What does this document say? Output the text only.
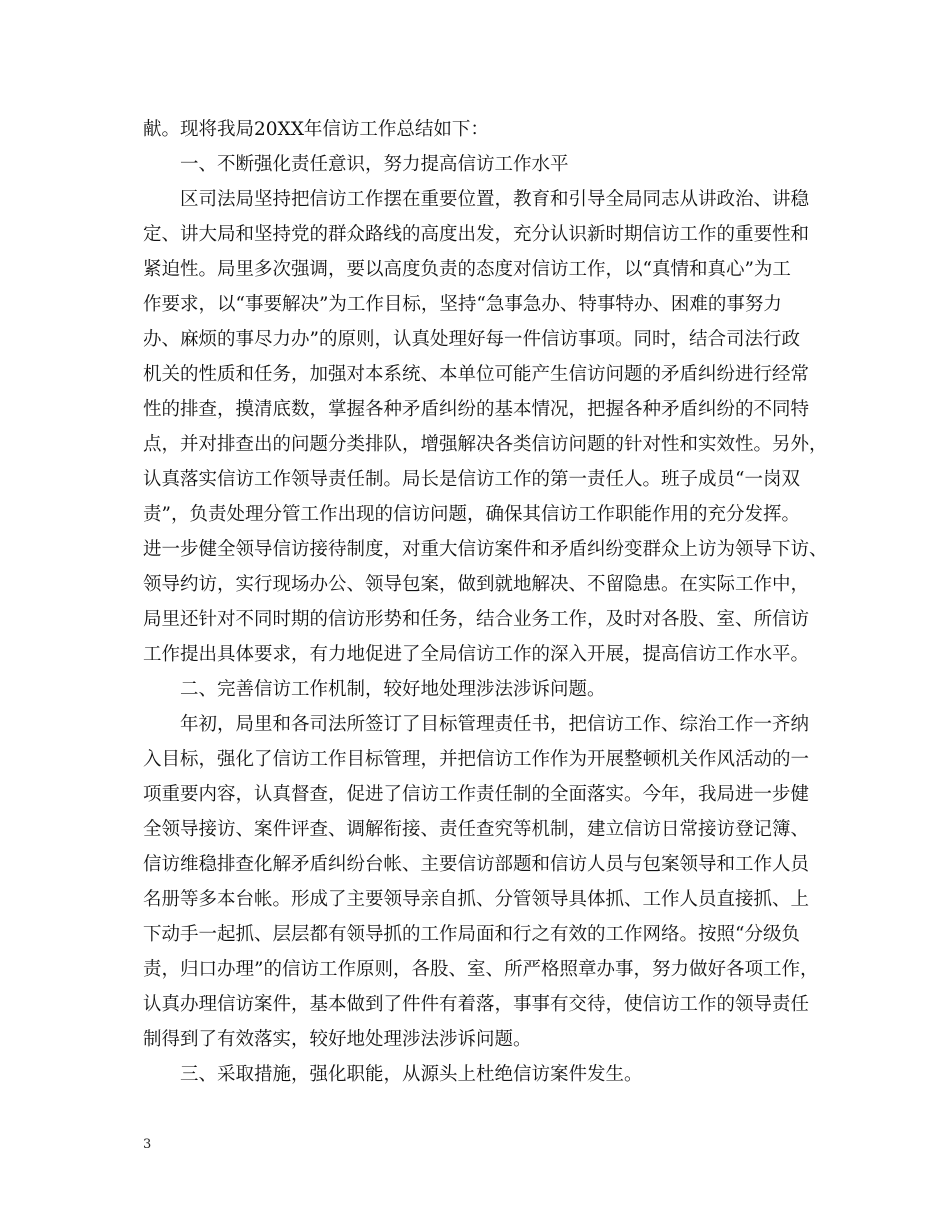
献。现将我局20XX年信访工作总结如下：
一、不断强化责任意识，努力提高信访工作水平
区司法局坚持把信访工作摆在重要位置，教育和引导全局同志从讲政治、讲稳
定、讲大局和坚持党的群众路线的高度出发，充分认识新时期信访工作的重要性和
紧迫性。局里多次强调，要以高度负责的态度对信访工作，以“真情和真心”为工
作要求，以“事要解决”为工作目标，坚持“急事急办、特事特办、困难的事努力
办、麻烦的事尽力办”的原则，认真处理好每一件信访事项。同时，结合司法行政
机关的性质和任务，加强对本系统、本单位可能产生信访问题的矛盾纠纷进行经常
性的排查，摸清底数，掌握各种矛盾纠纷的基本情况，把握各种矛盾纠纷的不同特
点，并对排查出的问题分类排队，增强解决各类信访问题的针对性和实效性。另外，
认真落实信访工作领导责任制。局长是信访工作的第一责任人。班子成员“一岗双
责”，负责处理分管工作出现的信访问题，确保其信访工作职能作用的充分发挥。
进一步健全领导信访接待制度，对重大信访案件和矛盾纠纷变群众上访为领导下访、
领导约访，实行现场办公、领导包案，做到就地解决、不留隐患。在实际工作中，
局里还针对不同时期的信访形势和任务，结合业务工作，及时对各股、室、所信访
工作提出具体要求，有力地促进了全局信访工作的深入开展，提高信访工作水平。
二、完善信访工作机制，较好地处理涉法涉诉问题。
年初，局里和各司法所签订了目标管理责任书，把信访工作、综治工作一齐纳
入目标，强化了信访工作目标管理，并把信访工作作为开展整顿机关作风活动的一
项重要内容，认真督查，促进了信访工作责任制的全面落实。今年，我局进一步健
全领导接访、案件评查、调解衔接、责任查究等机制，建立信访日常接访登记簿、
信访维稳排查化解矛盾纠纷台帐、主要信访部题和信访人员与包案领导和工作人员
名册等多本台帐。形成了主要领导亲自抓、分管领导具体抓、工作人员直接抓、上
下动手一起抓、层层都有领导抓的工作局面和行之有效的工作网络。按照“分级负
责，归口办理”的信访工作原则，各股、室、所严格照章办事，努力做好各项工作，
认真办理信访案件，基本做到了件件有着落，事事有交待，使信访工作的领导责任
制得到了有效落实，较好地处理涉法涉诉问题。
三、采取措施，强化职能，从源头上杜绝信访案件发生。
3
